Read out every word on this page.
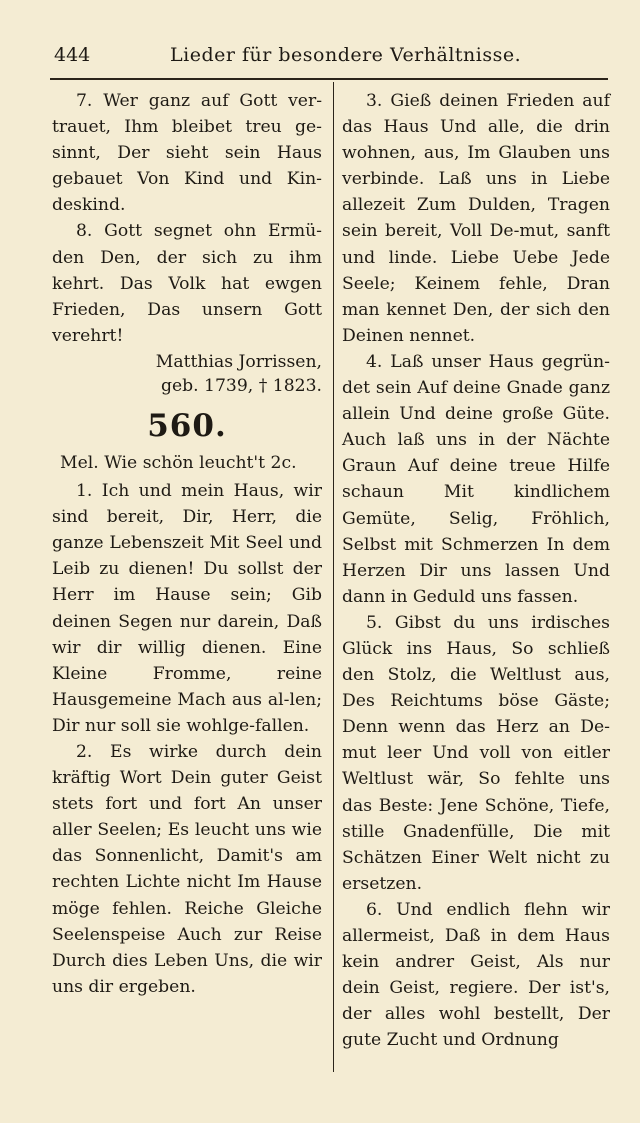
444	Lieder für besondere Verhältnisse.

7. Wer ganz auf Gott ver-trauet, Ihm bleibet treu ge-sinnt, Der sieht sein Haus gebauet Von Kind und Kin-deskind.

8. Gott segnet ohn Ermü-den Den, der sich zu ihm kehrt. Das Volk hat ewgen Frieden, Das unsern Gott verehrt!

Matthias Jorrissen,
geb. 1739, † 1823.
560.

Mel. Wie schön leucht't 2c.

1. Ich und mein Haus, wir sind bereit, Dir, Herr, die ganze Lebenszeit Mit Seel und Leib zu dienen! Du sollst der Herr im Hause sein; Gib deinen Segen nur darein, Daß wir dir willig dienen. Eine Kleine Fromme, reine Hausgemeine Mach aus al-len; Dir nur soll sie wohlge-fallen.

2. Es wirke durch dein kräftig Wort Dein guter Geist stets fort und fort An unser aller Seelen; Es leucht uns wie das Sonnenlicht, Damit's am rechten Lichte nicht Im Hause möge fehlen. Reiche Gleiche Seelenspeise Auch zur Reise Durch dies Leben Uns, die wir uns dir ergeben.

3. Gieß deinen Frieden auf das Haus Und alle, die drin wohnen, aus, Im Glauben uns verbinde. Laß uns in Liebe allezeit Zum Dulden, Tragen sein bereit, Voll De-mut, sanft und linde. Liebe Uebe Jede Seele; Keinem fehle, Dran man kennet Den, der sich den Deinen nennet.

4. Laß unser Haus gegrün-det sein Auf deine Gnade ganz allein Und deine große Güte. Auch laß uns in der Nächte Graun Auf deine treue Hilfe schaun Mit kindlichem Gemüte, Selig, Fröhlich, Selbst mit Schmerzen In dem Herzen Dir uns lassen Und dann in Geduld uns fassen.

5. Gibst du uns irdisches Glück ins Haus, So schließ den Stolz, die Weltlust aus, Des Reichtums böse Gäste; Denn wenn das Herz an De-mut leer Und voll von eitler Weltlust wär, So fehlte uns das Beste: Jene Schöne, Tiefe, stille Gnadenfülle, Die mit Schätzen Einer Welt nicht zu ersetzen.

6. Und endlich flehn wir allermeist, Daß in dem Haus kein andrer Geist, Als nur dein Geist, regiere. Der ist's, der alles wohl bestellt, Der gute Zucht und Ordnung
